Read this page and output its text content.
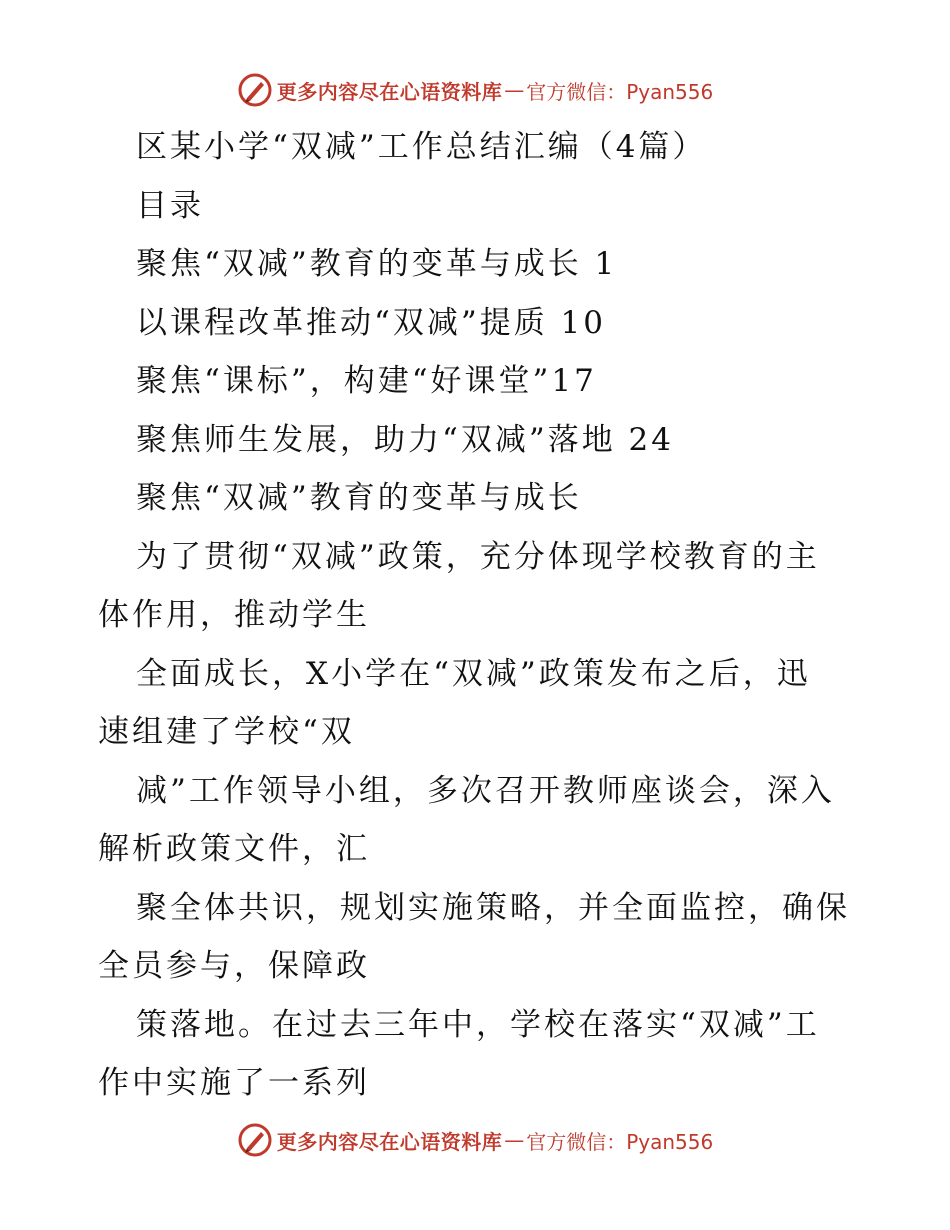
更多内容尽在心语资料库 — 官方微信：Pyan556
区某小学“双减”工作总结汇编（4篇）
目录
聚焦“双减”教育的变革与成长 1
以课程改革推动“双减”提质 10
聚焦“课标”，构建“好课堂”17
聚焦师生发展，助力“双减”落地 24
聚焦“双减”教育的变革与成长
为了贯彻“双减”政策，充分体现学校教育的主
体作用，推动学生
全面成长，X小学在“双减”政策发布之后，迅
速组建了学校“双
减”工作领导小组，多次召开教师座谈会，深入
解析政策文件，汇
聚全体共识，规划实施策略，并全面监控，确保
全员参与，保障政
策落地。在过去三年中，学校在落实“双减”工
作中实施了一系列
更多内容尽在心语资料库 — 官方微信：Pyan556
